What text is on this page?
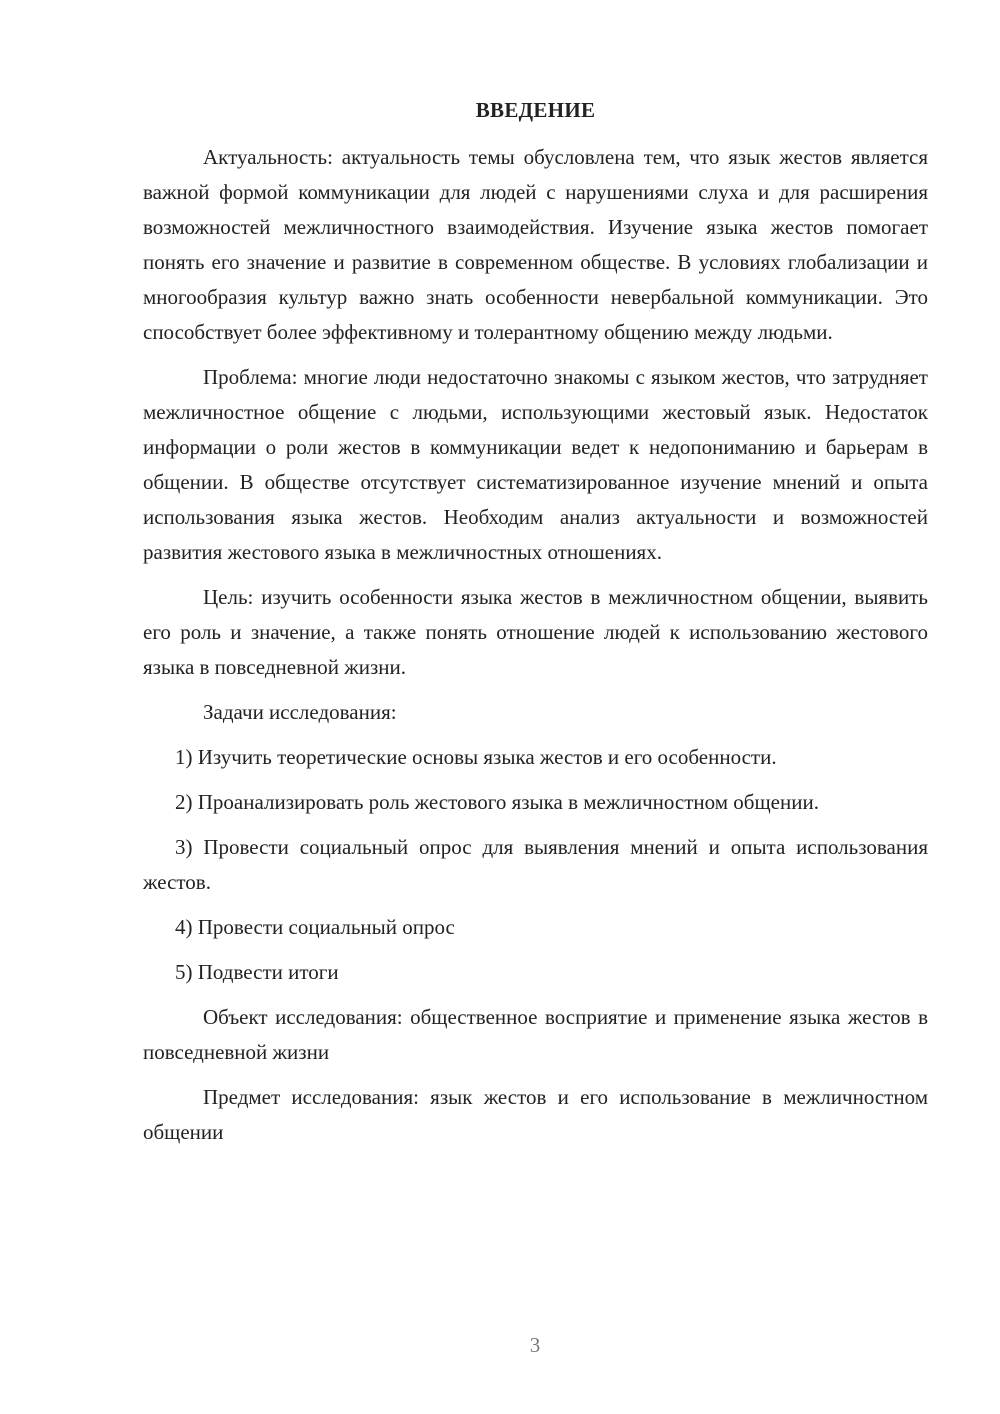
ВВЕДЕНИЕ

Актуальность: актуальность темы обусловлена тем, что язык жестов является важной формой коммуникации для людей с нарушениями слуха и для расширения возможностей межличностного взаимодействия. Изучение языка жестов помогает понять его значение и развитие в современном обществе. В условиях глобализации и многообразия культур важно знать особенности невербальной коммуникации. Это способствует более эффективному и толерантному общению между людьми.

Проблема: многие люди недостаточно знакомы с языком жестов, что затрудняет межличностное общение с людьми, использующими жестовый язык. Недостаток информации о роли жестов в коммуникации ведет к недопониманию и барьерам в общении. В обществе отсутствует систематизированное изучение мнений и опыта использования языка жестов. Необходим анализ актуальности и возможностей развития жестового языка в межличностных отношениях.

Цель: изучить особенности языка жестов в межличностном общении, выявить его роль и значение, а также понять отношение людей к использованию жестового языка в повседневной жизни.

Задачи исследования:

1) Изучить теоретические основы языка жестов и его особенности.

2) Проанализировать роль жестового языка в межличностном общении.

3) Провести социальный опрос для выявления мнений и опыта использования жестов.

4) Провести социальный опрос

5) Подвести итоги

Объект исследования: общественное восприятие и применение языка жестов в повседневной жизни

Предмет исследования: язык жестов и его использование в межличностном общении

3
